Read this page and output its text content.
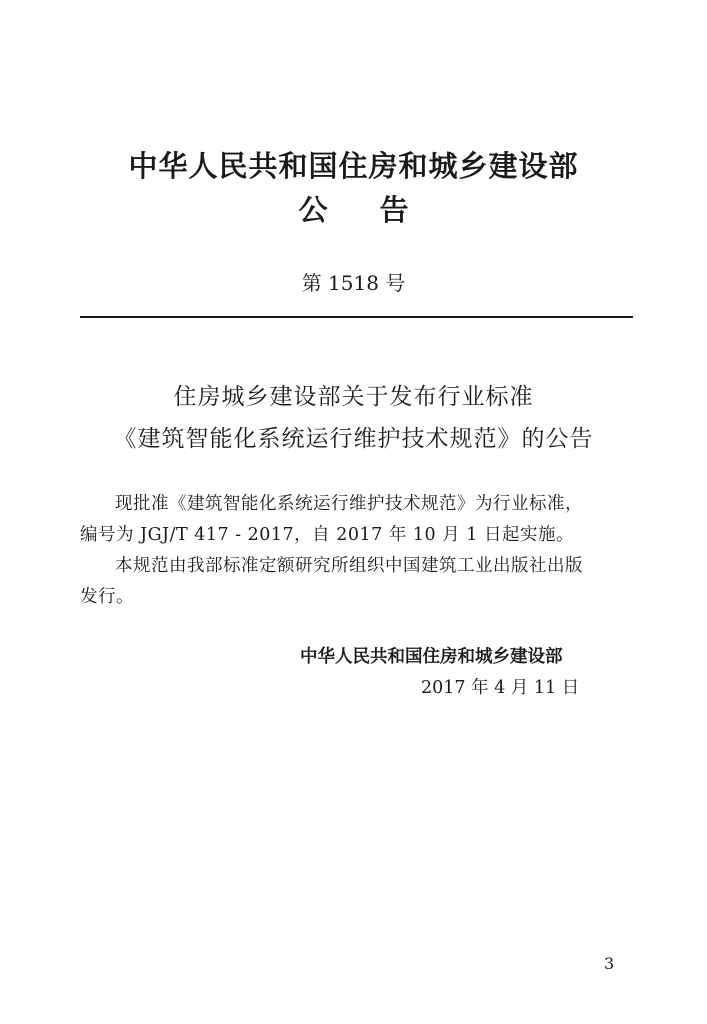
中华人民共和国住房和城乡建设部
公告
第 1518 号
住房城乡建设部关于发布行业标准
《建筑智能化系统运行维护技术规范》的公告
现批准《建筑智能化系统运行维护技术规范》为行业标准，
编号为 JGJ/T 417 - 2017，自 2017 年 10 月 1 日起实施。
本规范由我部标准定额研究所组织中国建筑工业出版社出版
发行。
中华人民共和国住房和城乡建设部
2017 年 4 月 11 日
3
